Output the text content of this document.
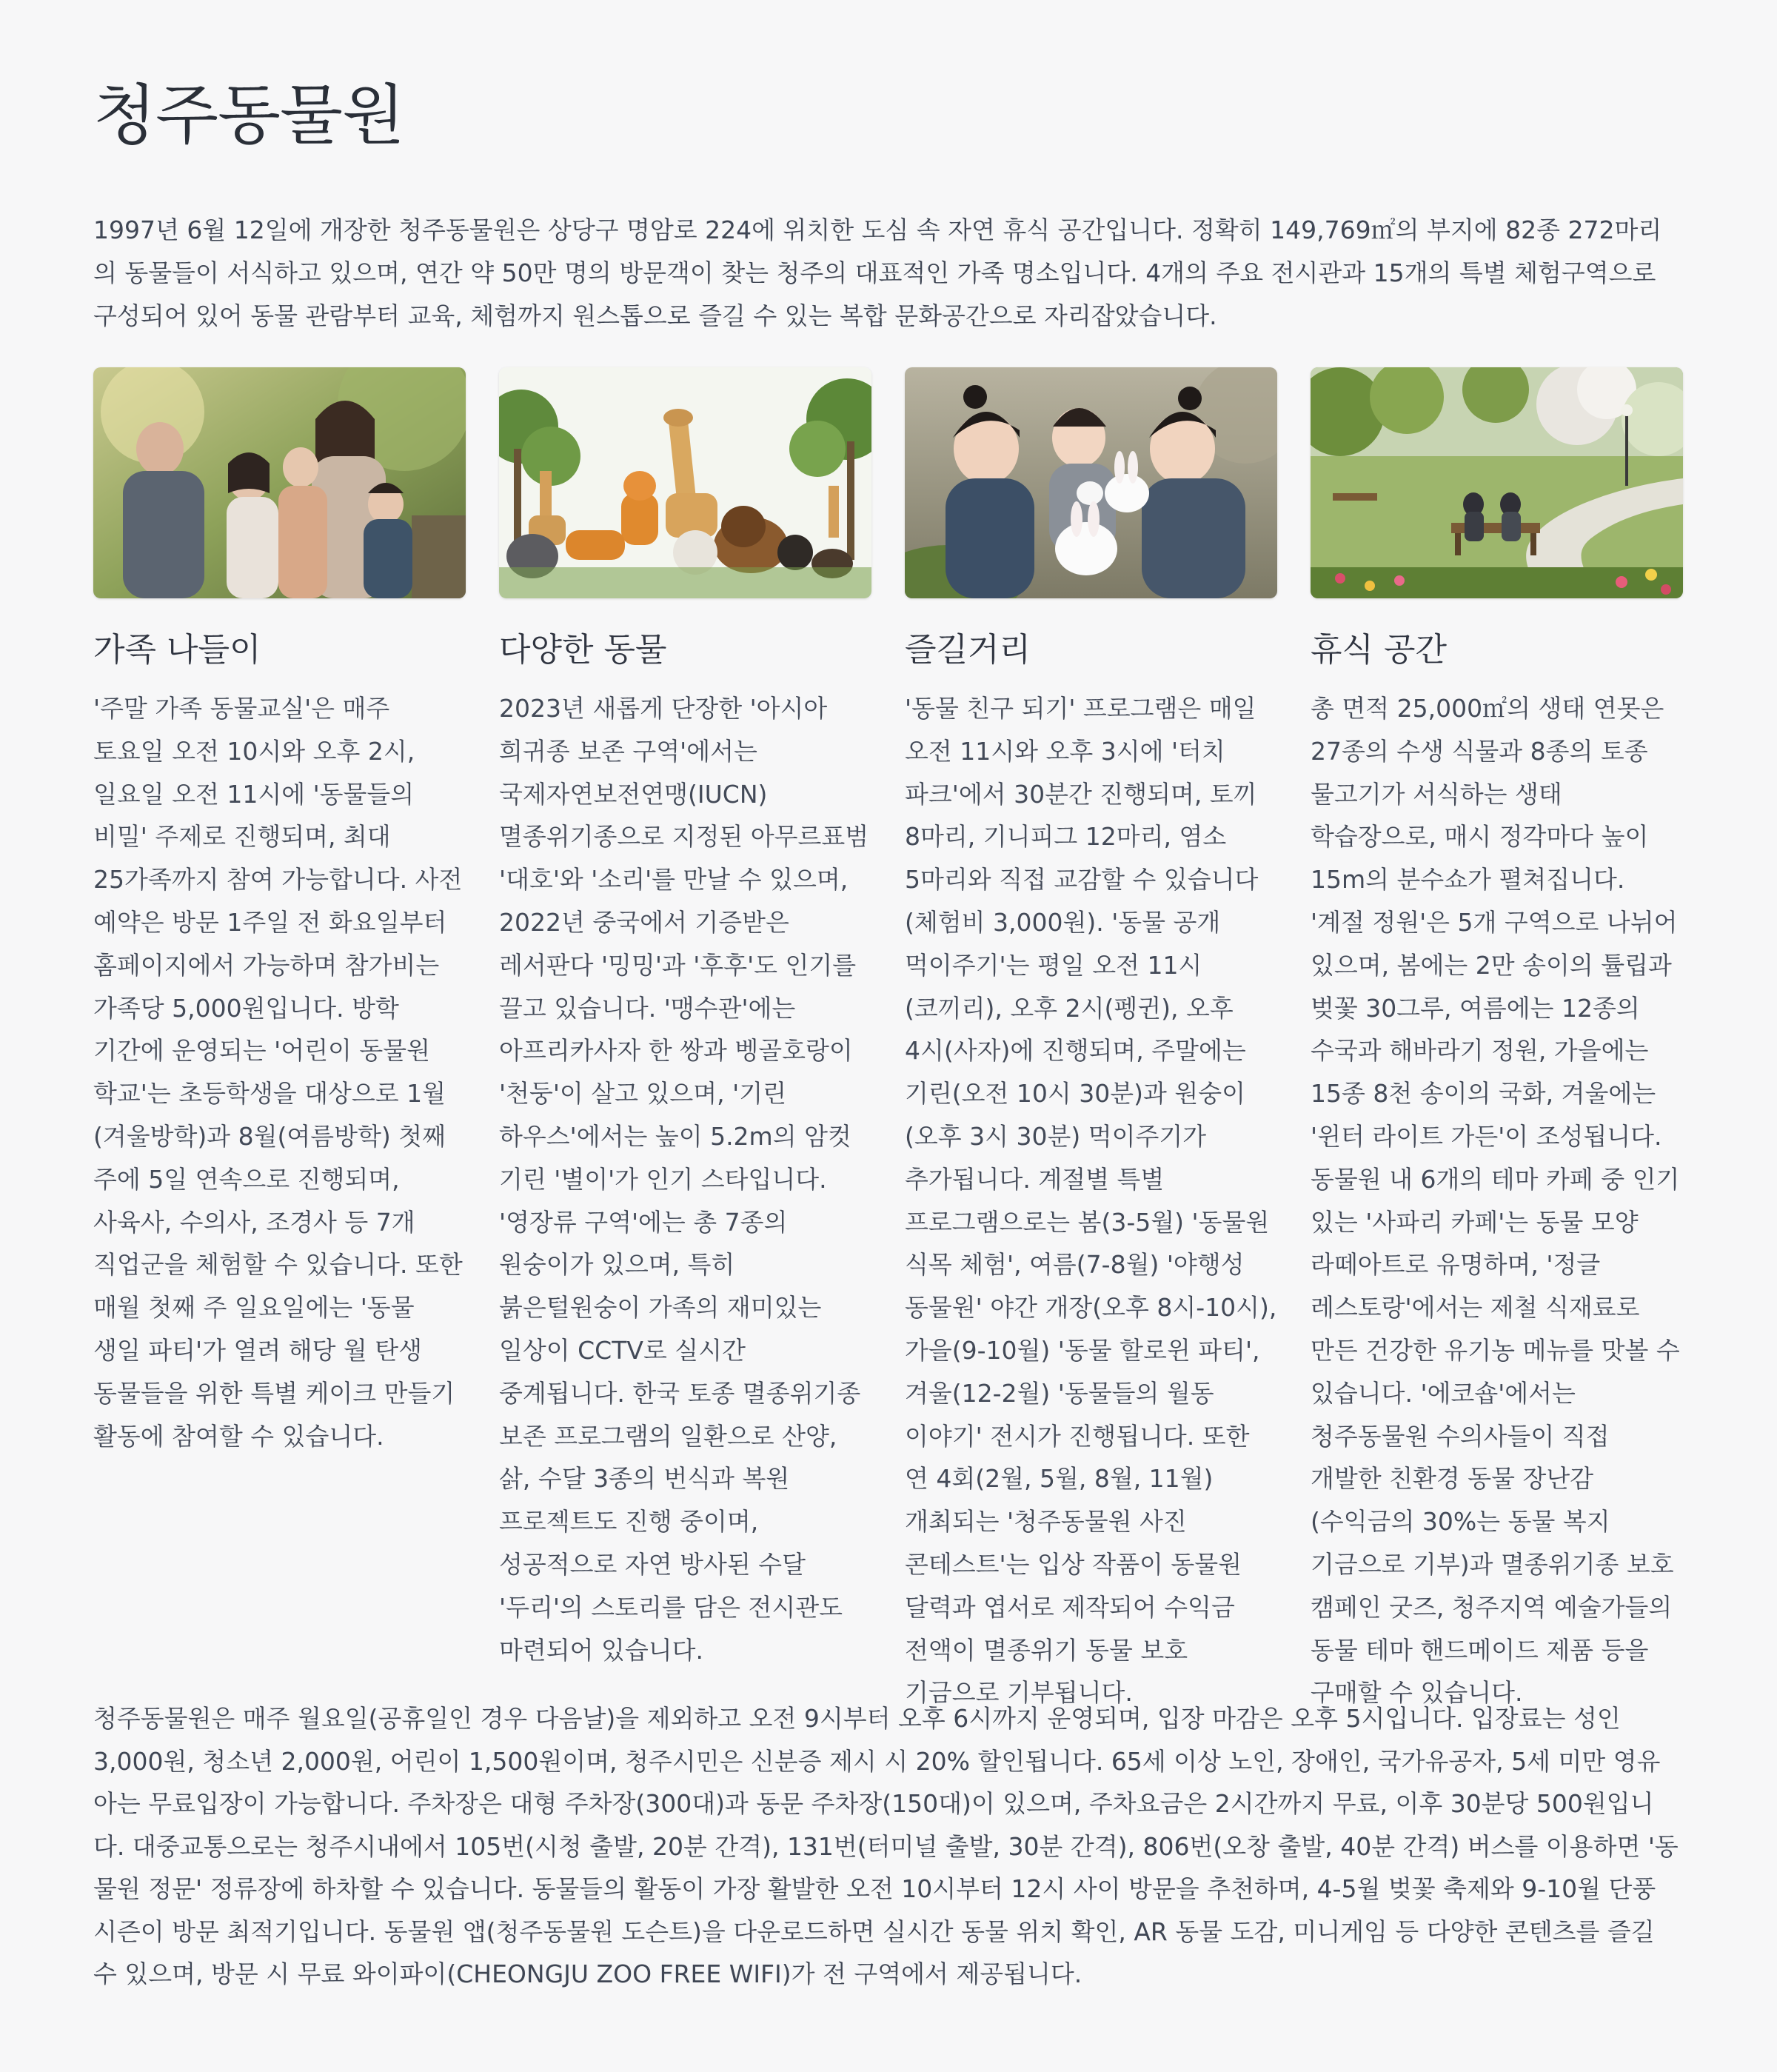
청주동물원

1997년 6월 12일에 개장한 청주동물원은 상당구 명암로 224에 위치한 도심 속 자연 휴식 공간입니다. 정확히 149,769㎡의 부지에 82종 272마리의 동물들이 서식하고 있으며, 연간 약 50만 명의 방문객이 찾는 청주의 대표적인 가족 명소입니다. 4개의 주요 전시관과 15개의 특별 체험구역으로 구성되어 있어 동물 관람부터 교육, 체험까지 원스톱으로 즐길 수 있는 복합 문화공간으로 자리잡았습니다.

가족 나들이

'주말 가족 동물교실'은 매주 토요일 오전 10시와 오후 2시, 일요일 오전 11시에 '동물들의 비밀' 주제로 진행되며, 최대 25가족까지 참여 가능합니다. 사전 예약은 방문 1주일 전 화요일부터 홈페이지에서 가능하며 참가비는 가족당 5,000원입니다. 방학 기간에 운영되는 '어린이 동물원 학교'는 초등학생을 대상으로 1월(겨울방학)과 8월(여름방학) 첫째 주에 5일 연속으로 진행되며, 사육사, 수의사, 조경사 등 7개 직업군을 체험할 수 있습니다. 또한 매월 첫째 주 일요일에는 '동물 생일 파티'가 열려 해당 월 탄생 동물들을 위한 특별 케이크 만들기 활동에 참여할 수 있습니다.

다양한 동물

2023년 새롭게 단장한 '아시아 희귀종 보존 구역'에서는 국제자연보전연맹(IUCN) 멸종위기종으로 지정된 아무르표범 '대호'와 '소리'를 만날 수 있으며, 2022년 중국에서 기증받은 레서판다 '밍밍'과 '후후'도 인기를 끌고 있습니다. '맹수관'에는 아프리카사자 한 쌍과 벵골호랑이 '천둥'이 살고 있으며, '기린 하우스'에서는 높이 5.2m의 암컷 기린 '별이'가 인기 스타입니다. '영장류 구역'에는 총 7종의 원숭이가 있으며, 특히 붉은털원숭이 가족의 재미있는 일상이 CCTV로 실시간 중계됩니다. 한국 토종 멸종위기종 보존 프로그램의 일환으로 산양, 삵, 수달 3종의 번식과 복원 프로젝트도 진행 중이며, 성공적으로 자연 방사된 수달 '두리'의 스토리를 담은 전시관도 마련되어 있습니다.

즐길거리

'동물 친구 되기' 프로그램은 매일 오전 11시와 오후 3시에 '터치 파크'에서 30분간 진행되며, 토끼 8마리, 기니피그 12마리, 염소 5마리와 직접 교감할 수 있습니다(체험비 3,000원). '동물 공개 먹이주기'는 평일 오전 11시(코끼리), 오후 2시(펭귄), 오후 4시(사자)에 진행되며, 주말에는 기린(오전 10시 30분)과 원숭이(오후 3시 30분) 먹이주기가 추가됩니다. 계절별 특별 프로그램으로는 봄(3-5월) '동물원 식목 체험', 여름(7-8월) '야행성 동물원' 야간 개장(오후 8시-10시), 가을(9-10월) '동물 할로윈 파티', 겨울(12-2월) '동물들의 월동 이야기' 전시가 진행됩니다. 또한 연 4회(2월, 5월, 8월, 11월) 개최되는 '청주동물원 사진 콘테스트'는 입상 작품이 동물원 달력과 엽서로 제작되어 수익금 전액이 멸종위기 동물 보호 기금으로 기부됩니다.

휴식 공간

총 면적 25,000㎡의 생태 연못은 27종의 수생 식물과 8종의 토종 물고기가 서식하는 생태 학습장으로, 매시 정각마다 높이 15m의 분수쇼가 펼쳐집니다. '계절 정원'은 5개 구역으로 나뉘어 있으며, 봄에는 2만 송이의 튤립과 벚꽃 30그루, 여름에는 12종의 수국과 해바라기 정원, 가을에는 15종 8천 송이의 국화, 겨울에는 '윈터 라이트 가든'이 조성됩니다. 동물원 내 6개의 테마 카페 중 인기 있는 '사파리 카페'는 동물 모양 라떼아트로 유명하며, '정글 레스토랑'에서는 제철 식재료로 만든 건강한 유기농 메뉴를 맛볼 수 있습니다. '에코숍'에서는 청주동물원 수의사들이 직접 개발한 친환경 동물 장난감(수익금의 30%는 동물 복지 기금으로 기부)과 멸종위기종 보호 캠페인 굿즈, 청주지역 예술가들의 동물 테마 핸드메이드 제품 등을 구매할 수 있습니다.

청주동물원은 매주 월요일(공휴일인 경우 다음날)을 제외하고 오전 9시부터 오후 6시까지 운영되며, 입장 마감은 오후 5시입니다. 입장료는 성인 3,000원, 청소년 2,000원, 어린이 1,500원이며, 청주시민은 신분증 제시 시 20% 할인됩니다. 65세 이상 노인, 장애인, 국가유공자, 5세 미만 영유아는 무료입장이 가능합니다. 주차장은 대형 주차장(300대)과 동문 주차장(150대)이 있으며, 주차요금은 2시간까지 무료, 이후 30분당 500원입니다. 대중교통으로는 청주시내에서 105번(시청 출발, 20분 간격), 131번(터미널 출발, 30분 간격), 806번(오창 출발, 40분 간격) 버스를 이용하면 '동물원 정문' 정류장에 하차할 수 있습니다. 동물들의 활동이 가장 활발한 오전 10시부터 12시 사이 방문을 추천하며, 4-5월 벚꽃 축제와 9-10월 단풍 시즌이 방문 최적기입니다. 동물원 앱(청주동물원 도슨트)을 다운로드하면 실시간 동물 위치 확인, AR 동물 도감, 미니게임 등 다양한 콘텐츠를 즐길 수 있으며, 방문 시 무료 와이파이(CHEONGJU ZOO FREE WIFI)가 전 구역에서 제공됩니다.
